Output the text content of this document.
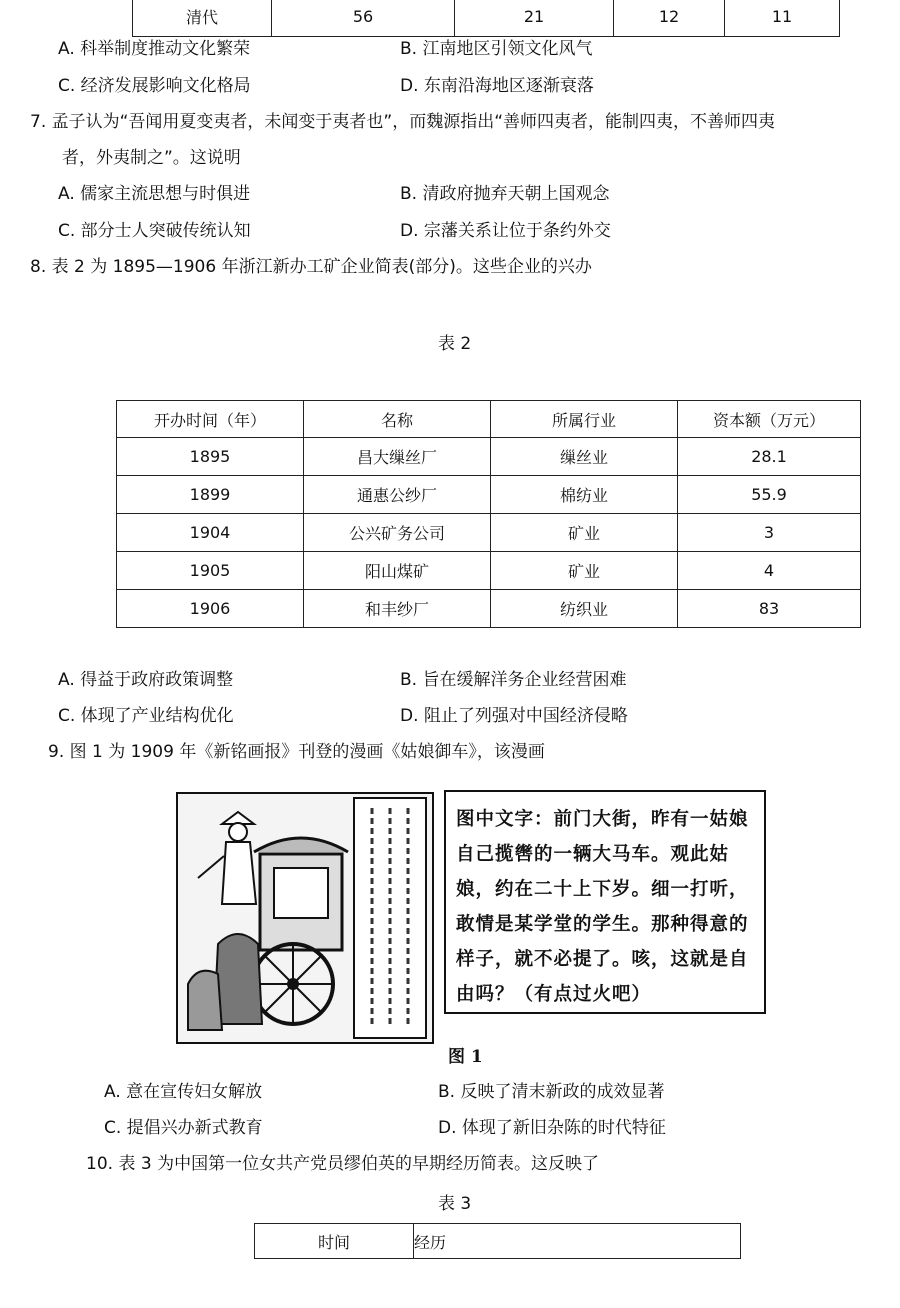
清代	56	21	12	11
A. 科举制度推动文化繁荣	B. 江南地区引领文化风气
C. 经济发展影响文化格局	D. 东南沿海地区逐渐衰落
7. 孟子认为“吾闻用夏变夷者，未闻变于夷者也”，而魏源指出“善师四夷者，能制四夷，不善师四夷
者，外夷制之”。这说明
A. 儒家主流思想与时俱进	B. 清政府抛弃天朝上国观念
C. 部分士人突破传统认知	D. 宗藩关系让位于条约外交
8. 表 2 为 1895—1906 年浙江新办工矿企业简表(部分)。这些企业的兴办
表 2
开办时间（年）	名称	所属行业	资本额（万元）
1895	昌大缫丝厂	缫丝业	28.1
1899	通惠公纱厂	棉纺业	55.9
1904	公兴矿务公司	矿业	3
1905	阳山煤矿	矿业	4
1906	和丰纱厂	纺织业	83
A. 得益于政府政策调整	B. 旨在缓解洋务企业经营困难
C. 体现了产业结构优化	D. 阻止了列强对中国经济侵略
9. 图 1 为 1909 年《新铭画报》刊登的漫画《姑娘御车》，该漫画
图中文字：前门大街，昨有一姑娘自己揽辔的一辆大马车。观此姑娘，约在二十上下岁。细一打听，敢情是某学堂的学生。那种得意的样子，就不必提了。咳，这就是自由吗？（有点过火吧）
图 1
A. 意在宣传妇女解放	B. 反映了清末新政的成效显著
C. 提倡兴办新式教育	D. 体现了新旧杂陈的时代特征
10. 表 3 为中国第一位女共产党员缪伯英的早期经历简表。这反映了
表 3
时间	经历
